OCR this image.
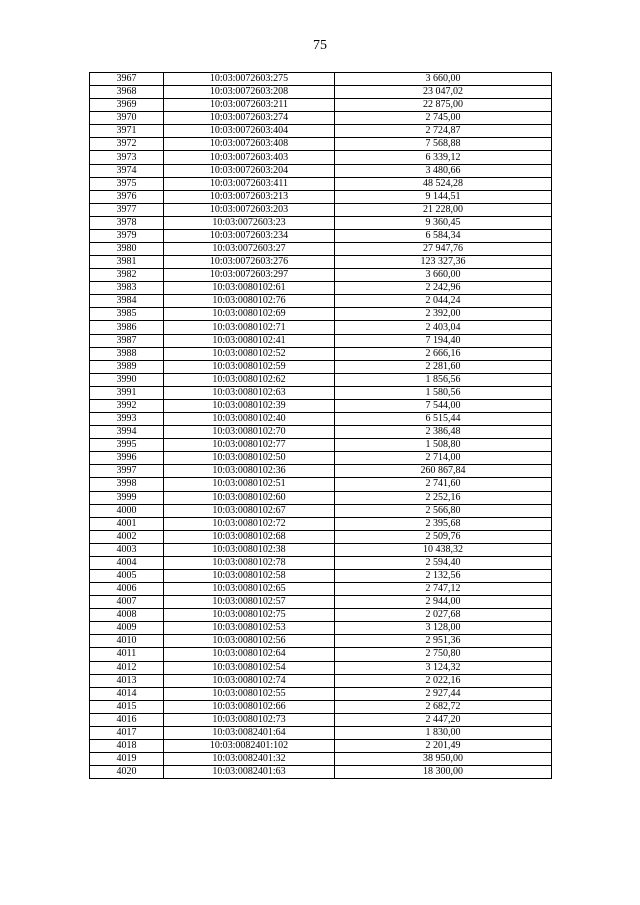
75
3967	10:03:0072603:275	3 660,00
3968	10:03:0072603:208	23 047,02
3969	10:03:0072603:211	22 875,00
3970	10:03:0072603:274	2 745,00
3971	10:03:0072603:404	2 724,87
3972	10:03:0072603:408	7 568,88
3973	10:03:0072603:403	6 339,12
3974	10:03:0072603:204	3 480,66
3975	10:03:0072603:411	48 524,28
3976	10:03:0072603:213	9 144,51
3977	10:03:0072603:203	21 228,00
3978	10:03:0072603:23	9 360,45
3979	10:03:0072603:234	6 584,34
3980	10:03:0072603:27	27 947,76
3981	10:03:0072603:276	123 327,36
3982	10:03:0072603:297	3 660,00
3983	10:03:0080102:61	2 242,96
3984	10:03:0080102:76	2 044,24
3985	10:03:0080102:69	2 392,00
3986	10:03:0080102:71	2 403,04
3987	10:03:0080102:41	7 194,40
3988	10:03:0080102:52	2 666,16
3989	10:03:0080102:59	2 281,60
3990	10:03:0080102:62	1 856,56
3991	10:03:0080102:63	1 580,56
3992	10:03:0080102:39	7 544,00
3993	10:03:0080102:40	6 515,44
3994	10:03:0080102:70	2 386,48
3995	10:03:0080102:77	1 508,80
3996	10:03:0080102:50	2 714,00
3997	10:03:0080102:36	260 867,84
3998	10:03:0080102:51	2 741,60
3999	10:03:0080102:60	2 252,16
4000	10:03:0080102:67	2 566,80
4001	10:03:0080102:72	2 395,68
4002	10:03:0080102:68	2 509,76
4003	10:03:0080102:38	10 438,32
4004	10:03:0080102:78	2 594,40
4005	10:03:0080102:58	2 132,56
4006	10:03:0080102:65	2 747,12
4007	10:03:0080102:57	2 944,00
4008	10:03:0080102:75	2 027,68
4009	10:03:0080102:53	3 128,00
4010	10:03:0080102:56	2 951,36
4011	10:03:0080102:64	2 750,80
4012	10:03:0080102:54	3 124,32
4013	10:03:0080102:74	2 022,16
4014	10:03:0080102:55	2 927,44
4015	10:03:0080102:66	2 682,72
4016	10:03:0080102:73	2 447,20
4017	10:03:0082401:64	1 830,00
4018	10:03:0082401:102	2 201,49
4019	10:03:0082401:32	38 950,00
4020	10:03:0082401:63	18 300,00
